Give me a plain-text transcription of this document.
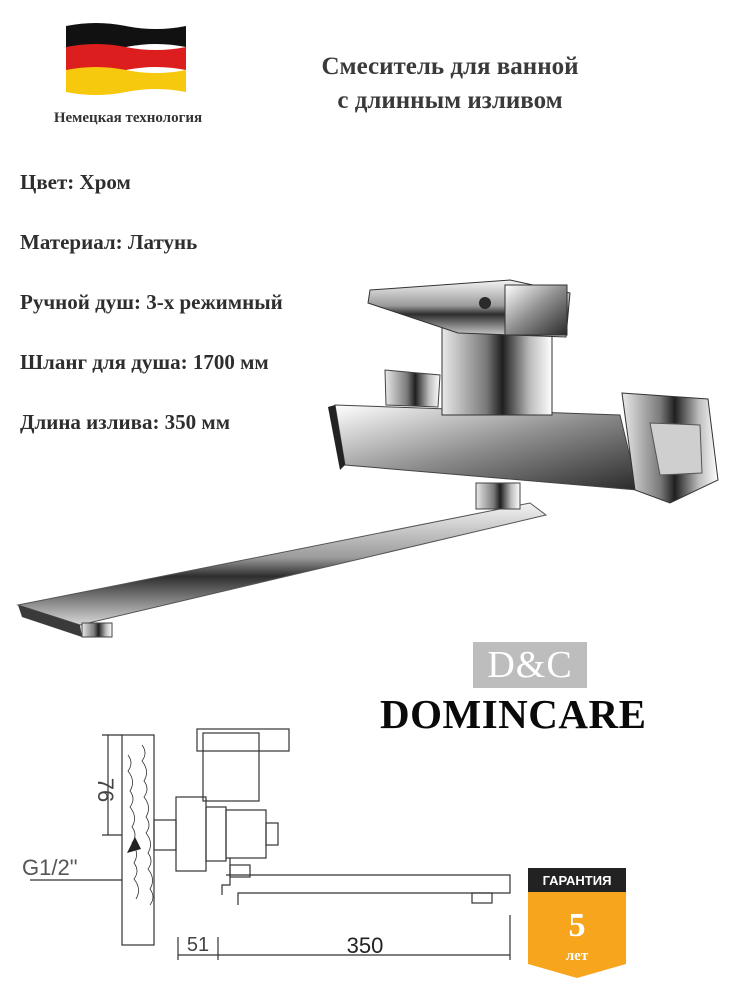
Немецкая технология
Смеситель для ванной
с длинным изливом
Цвет: Хром
Материал: Латунь
Ручной душ: 3-х режимный
Шланг для душа: 1700 мм
Длина излива: 350 мм
D&C
DOMINCARE
76
G1/2"
51	350
ГАРАНТИЯ
5
лет
